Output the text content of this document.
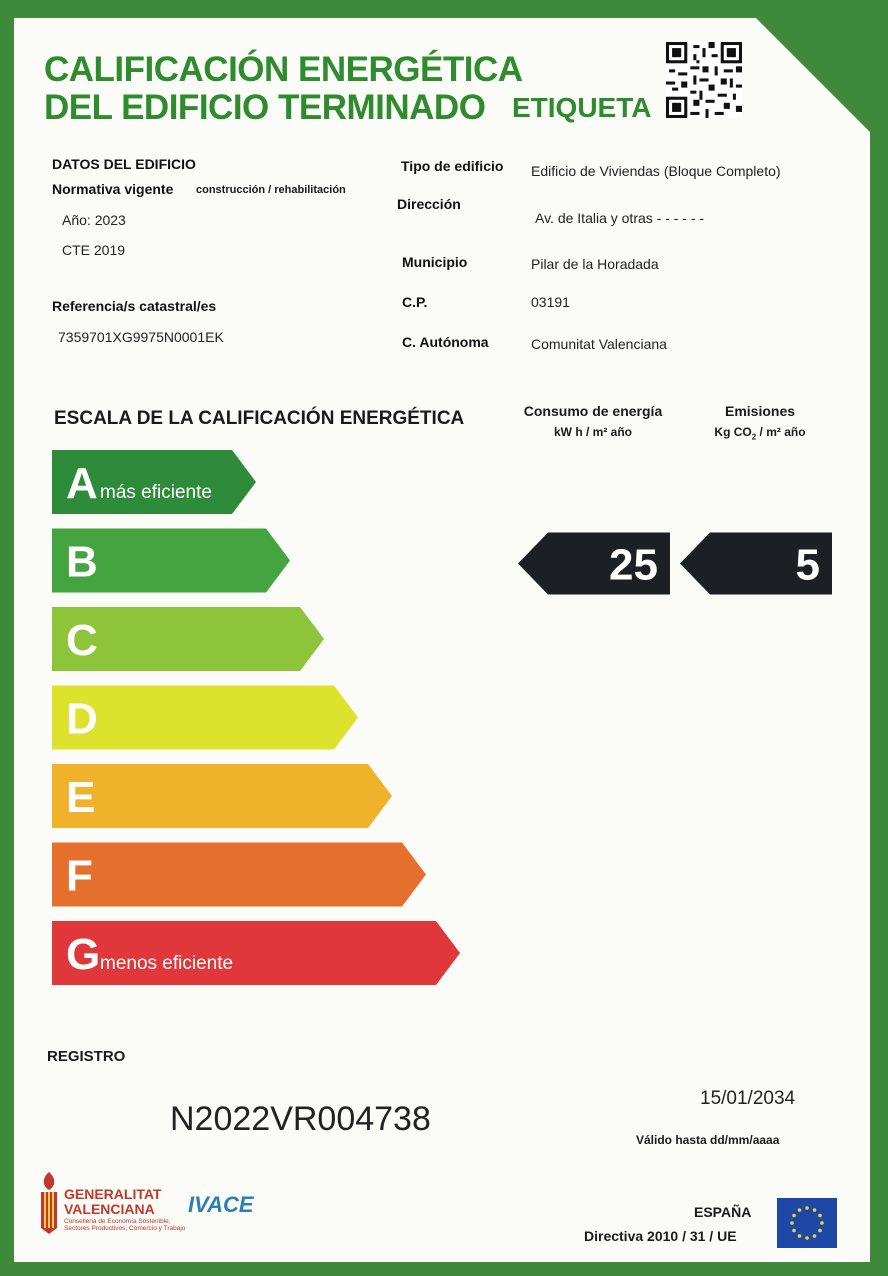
CALIFICACIÓN ENERGÉTICA
DEL EDIFICIO TERMINADO ETIQUETA
DATOS DEL EDIFICIO
Normativa vigente construcción / rehabilitación
Año: 2023
CTE 2019
Referencia/s catastral/es
7359701XG9975N0001EK
Tipo de edificio Edificio de Viviendas (Bloque Completo)
Dirección
Av. de Italia y otras - - - - - -
Municipio	Pilar de la Horadada
C.P.	03191
C. Autónoma	Comunitat Valenciana
ESCALA DE LA CALIFICACIÓN ENERGÉTICA	Consumo de energía
kW h / m² año
Emisiones
Kg $CO_2 / m^2$ año
A más eficiente
B
C
D
E
F
G menos eficiente
25	5
REGISTRO
N2022VR004738
15/01/2034
Válido hasta dd/mm/aaaa
GENERALITAT
VALENCIANA
Conselleria de Economía Sostenible, Sectores Productivos, Comercio y Trabajo
IVACE	ESPAÑA
Directiva 2010 / 31 / UE
